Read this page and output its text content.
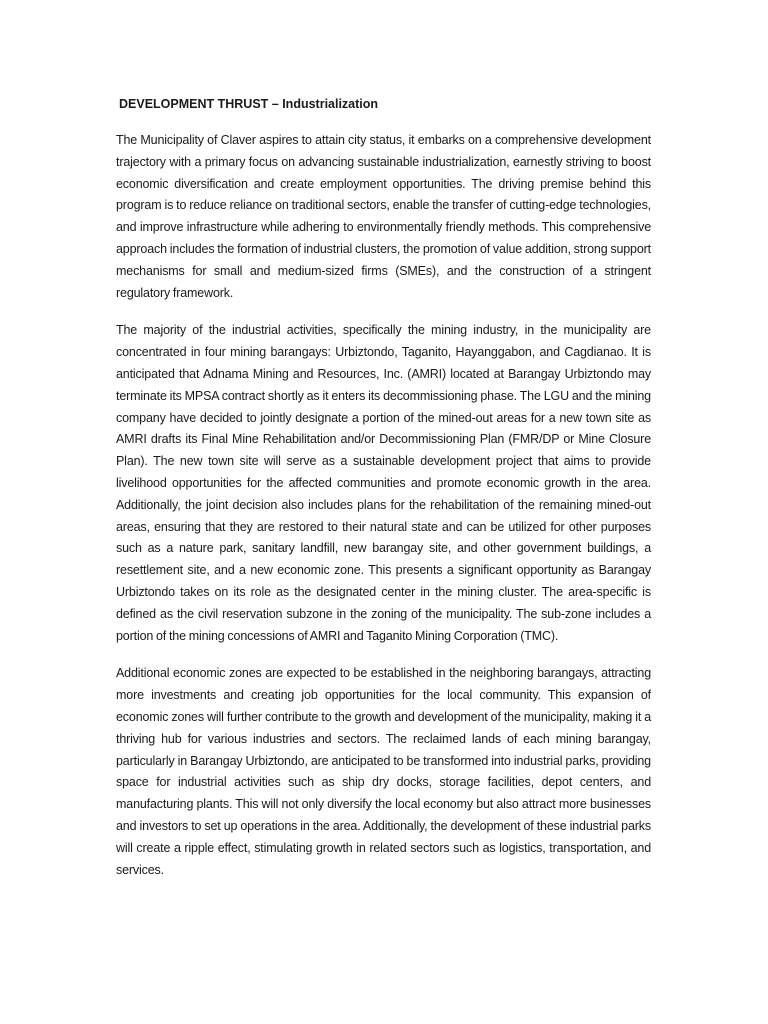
DEVELOPMENT THRUST – Industrialization

The Municipality of Claver aspires to attain city status, it embarks on a comprehensive development trajectory with a primary focus on advancing sustainable industrialization, earnestly striving to boost economic diversification and create employment opportunities. The driving premise behind this program is to reduce reliance on traditional sectors, enable the transfer of cutting-edge technologies, and improve infrastructure while adhering to environmentally friendly methods. This comprehensive approach includes the formation of industrial clusters, the promotion of value addition, strong support mechanisms for small and medium-sized firms (SMEs), and the construction of a stringent regulatory framework.

The majority of the industrial activities, specifically the mining industry, in the municipality are concentrated in four mining barangays: Urbiztondo, Taganito, Hayanggabon, and Cagdianao. It is anticipated that Adnama Mining and Resources, Inc. (AMRI) located at Barangay Urbiztondo may terminate its MPSA contract shortly as it enters its decommissioning phase. The LGU and the mining company have decided to jointly designate a portion of the mined-out areas for a new town site as AMRI drafts its Final Mine Rehabilitation and/or Decommissioning Plan (FMR/DP or Mine Closure Plan). The new town site will serve as a sustainable development project that aims to provide livelihood opportunities for the affected communities and promote economic growth in the area. Additionally, the joint decision also includes plans for the rehabilitation of the remaining mined-out areas, ensuring that they are restored to their natural state and can be utilized for other purposes such as a nature park, sanitary landfill, new barangay site, and other government buildings, a resettlement site, and a new economic zone. This presents a significant opportunity as Barangay Urbiztondo takes on its role as the designated center in the mining cluster. The area-specific is defined as the civil reservation subzone in the zoning of the municipality. The sub-zone includes a portion of the mining concessions of AMRI and Taganito Mining Corporation (TMC).

Additional economic zones are expected to be established in the neighboring barangays, attracting more investments and creating job opportunities for the local community. This expansion of economic zones will further contribute to the growth and development of the municipality, making it a thriving hub for various industries and sectors. The reclaimed lands of each mining barangay, particularly in Barangay Urbiztondo, are anticipated to be transformed into industrial parks, providing space for industrial activities such as ship dry docks, storage facilities, depot centers, and manufacturing plants. This will not only diversify the local economy but also attract more businesses and investors to set up operations in the area. Additionally, the development of these industrial parks will create a ripple effect, stimulating growth in related sectors such as logistics, transportation, and services.
